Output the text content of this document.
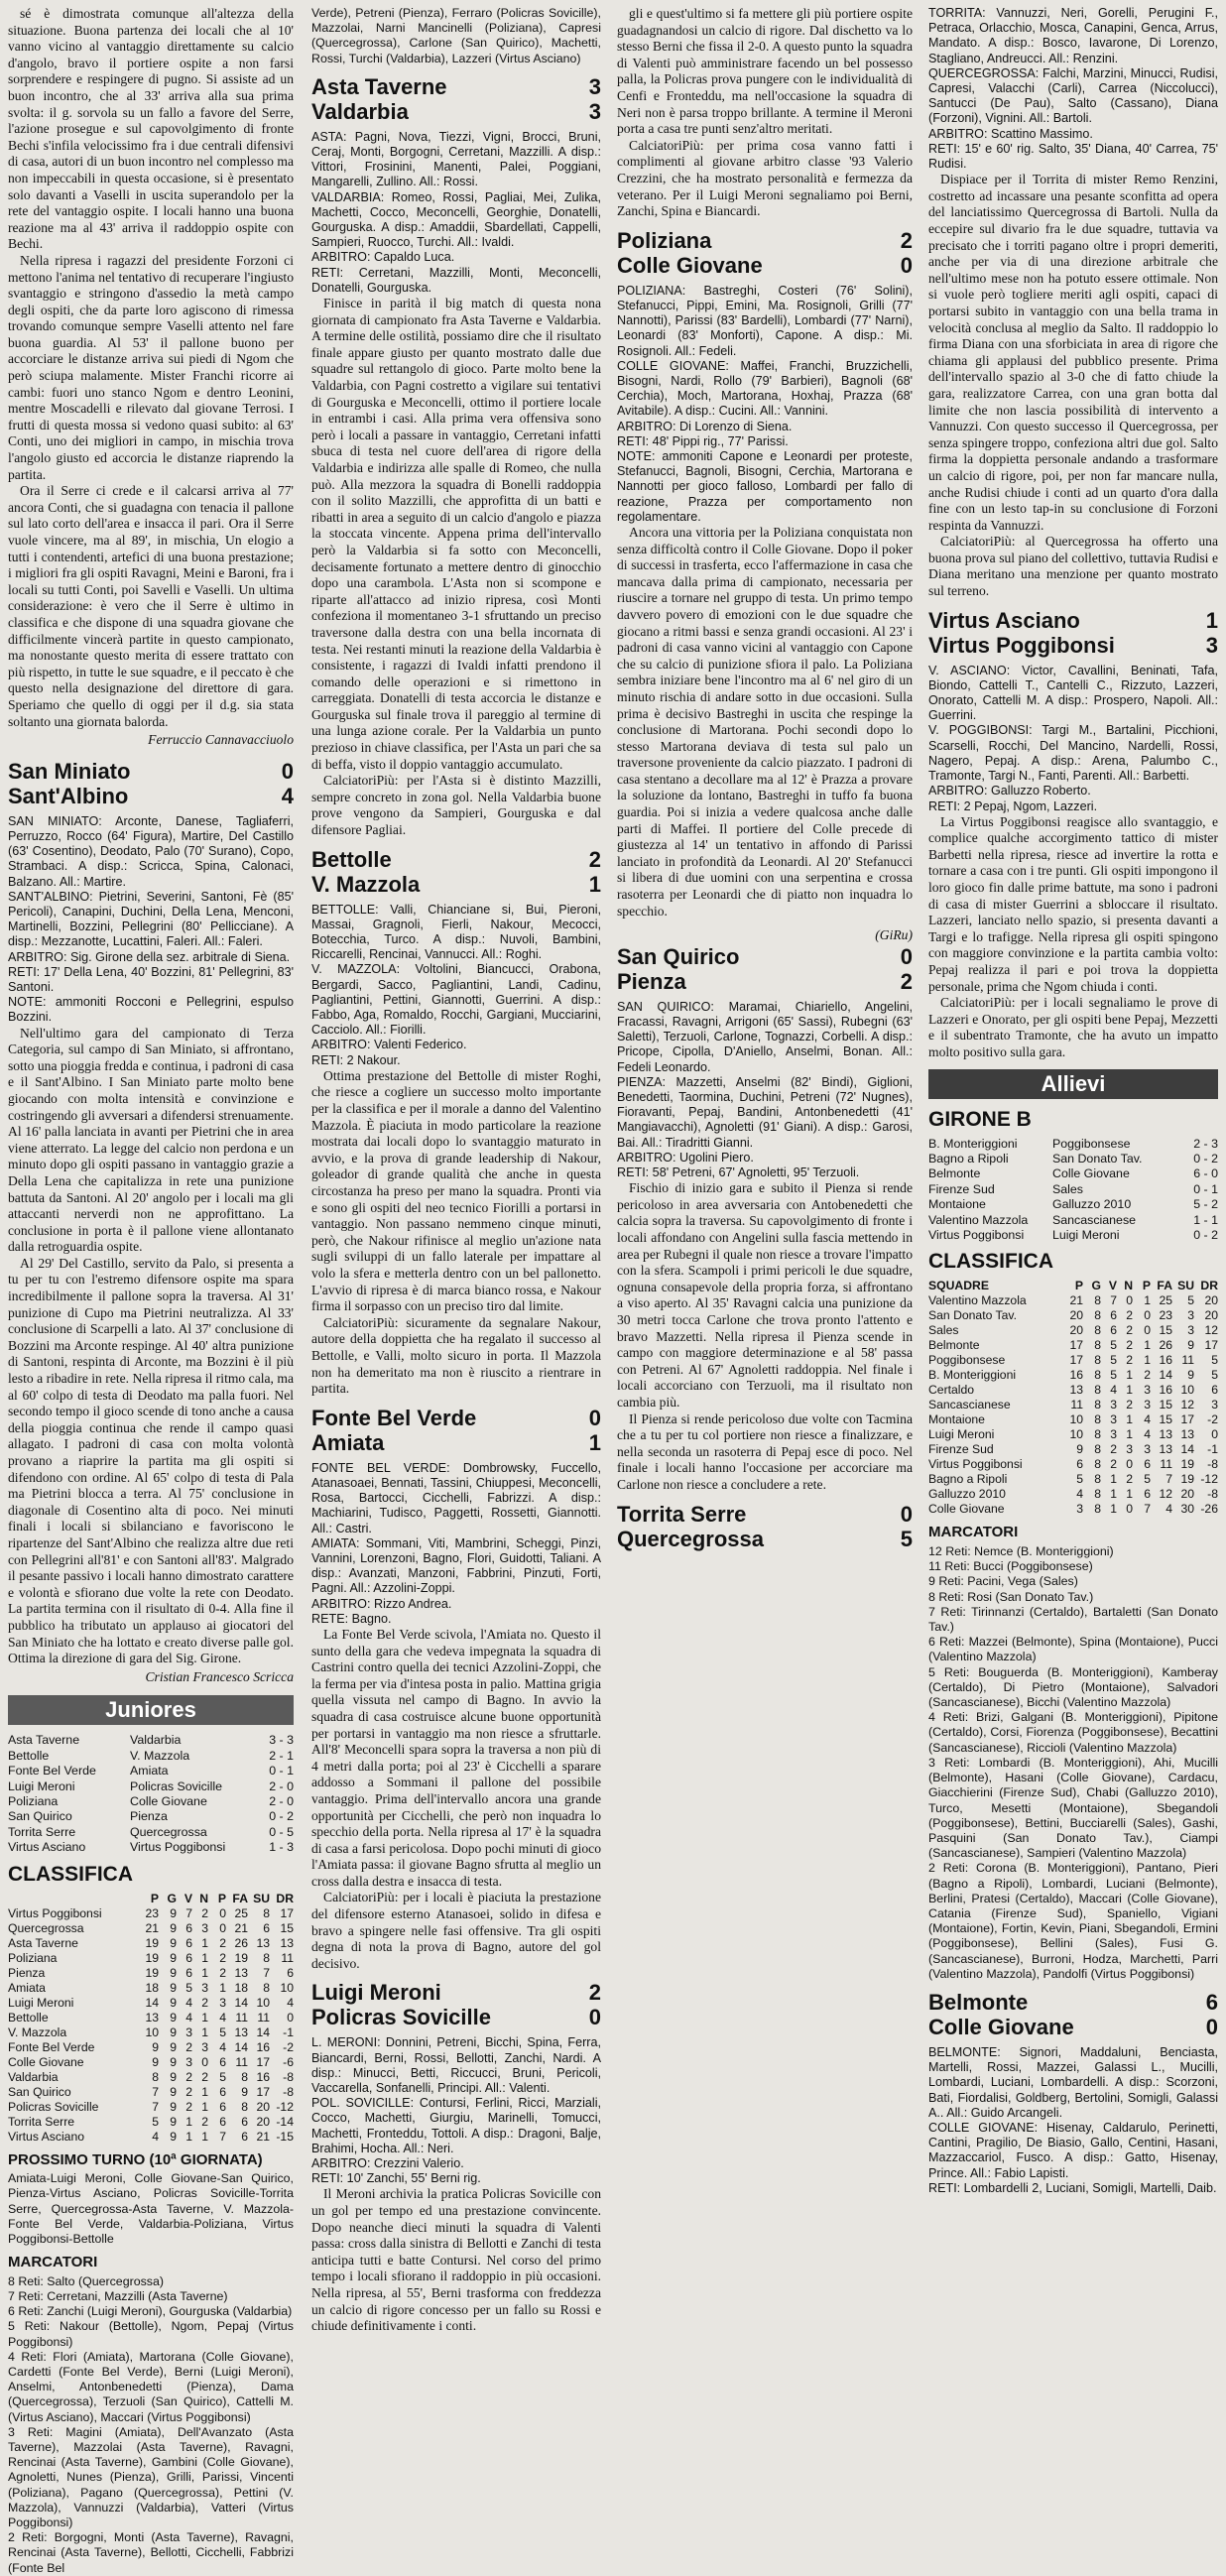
sé è dimostrata comunque all'altezza della situazione. Buona partenza dei locali che al 10' vanno vicino al vantaggio direttamente su calcio d'angolo, bravo il portiere ospite a non farsi sorprendere e respingere di pugno. Si assiste ad un buon incontro, che al 33' arriva alla sua prima svolta: il g. sorvola su un fallo a favore del Serre, l'azione prosegue e sul capovolgimento di fronte Bechi s'infila velocissimo fra i due centrali difensivi di casa, autori di un buon incontro nel complesso ma non impeccabili in questa occasione, si è presentato solo davanti a Vaselli in uscita superandolo per la rete del vantaggio ospite. I locali hanno una buona reazione ma al 43' arriva il raddoppio ospite con Bechi.

Nella ripresa i ragazzi del presidente Forzoni ci mettono l'anima nel tentativo di recuperare l'ingiusto svantaggio e stringono d'assedio la metà campo degli ospiti, che da parte loro agiscono di rimessa trovando comunque sempre Vaselli attento nel fare buona guardia. Al 53' il pallone buono per accorciare le distanze arriva sui piedi di Ngom che però sciupa malamente. Mister Franchi ricorre ai cambi: fuori uno stanco Ngom e dentro Leonini, mentre Moscadelli e rilevato dal giovane Terrosi. I frutti di questa mossa si vedono quasi subito: al 63' Conti, uno dei migliori in campo, in mischia trova l'angolo giusto ed accorcia le distanze riaprendo la partita.

Ora il Serre ci crede e il calcarsi arriva al 77' ancora Conti, che si guadagna con tenacia il pallone sul lato corto dell'area e insacca il pari. Ora il Serre vuole vincere, ma al 89', in mischia, Un elogio a tutti i contendenti, artefici di una buona prestazione; i migliori fra gli ospiti Ravagni, Meini e Baroni, fra i locali su tutti Conti, poi Savelli e Vaselli. Un ultima considerazione: è vero che il Serre è ultimo in classifica e che dispone di una squadra giovane che difficilmente vincerà partite in questo campionato, ma nonostante questo merita di essere trattato con più rispetto, in tutte le sue squadre, e il peccato è che questo nella designazione del direttore di gara. Speriamo che quello di oggi per il d.g. sia stata soltanto una giornata balorda.

Ferruccio Cannavacciuolo
San Miniato	0
Sant'Albino	4
SAN MINIATO: Arconte, Danese, Tagliaferri, Perruzzo, Rocco (64' Figura), Martire, Del Castillo (63' Cosentino), Deodato, Palo (70' Surano), Copo, Strambaci. A disp.: Scricca, Spina, Calonaci, Balzano. All.: Martire.
SANT'ALBINO: Pietrini, Severini, Santoni, Fè (85' Pericoli), Canapini, Duchini, Della Lena, Menconi, Martinelli, Bozzini, Pellegrini (80' Pellicciane). A disp.: Mezzanotte, Lucattini, Faleri. All.: Faleri.
ARBITRO: Sig. Girone della sez. arbitrale di Siena.
RETI: 17' Della Lena, 40' Bozzini, 81' Pellegrini, 83' Santoni.
NOTE: ammoniti Rocconi e Pellegrini, espulso Bozzini.

Nell'ultimo gara del campionato di Terza Categoria, sul campo di San Miniato, si affrontano, sotto una pioggia fredda e continua, i padroni di casa e il Sant'Albino. I San Miniato parte molto bene giocando con molta intensità e convinzione e costringendo gli avversari a difendersi strenuamente. Al 16' palla lanciata in avanti per Pietrini che in area viene atterrato. La legge del calcio non perdona e un minuto dopo gli ospiti passano in vantaggio grazie a Della Lena che capitalizza in rete una punizione battuta da Santoni. Al 20' angolo per i locali ma gli attaccanti nerverdi non ne approfittano. La conclusione in porta è il pallone viene allontanato dalla retroguardia ospite.

Al 29' Del Castillo, servito da Palo, si presenta a tu per tu con l'estremo difensore ospite ma spara incredibilmente il pallone sopra la traversa. Al 31' punizione di Cupo ma Pietrini neutralizza. Al 33' conclusione di Scarpelli a lato. Al 37' conclusione di Bozzini ma Arconte respinge. Al 40' altra punizione di Santoni, respinta di Arconte, ma Bozzini è il più lesto a ribadire in rete. Nella ripresa il ritmo cala, ma al 60' colpo di testa di Deodato ma palla fuori. Nel secondo tempo il gioco scende di tono anche a causa della pioggia continua che rende il campo quasi allagato. I padroni di casa con molta volontà provano a riaprire la partita ma gli ospiti si difendono con ordine. Al 65' colpo di testa di Pala ma Pietrini blocca a terra. Al 75' conclusione in diagonale di Cosentino alta di poco. Nei minuti finali i locali si sbilanciano e favoriscono le ripartenze del Sant'Albino che realizza altre due reti con Pellegrini all'81' e con Santoni all'83'. Malgrado il pesante passivo i locali hanno dimostrato carattere e volontà e sfiorano due volte la rete con Deodato. La partita termina con il risultato di 0-4. Alla fine il pubblico ha tributato un applauso ai giocatori del San Miniato che ha lottato e creato diverse palle gol. Ottima la direzione di gara del Sig. Girone.

Cristian Francesco Scricca
Juniores
Asta Taverne	Valdarbia	3 - 3
Bettolle	V. Mazzola	2 - 1
Fonte Bel Verde	Amiata	0 - 1
Luigi Meroni	Policras Sovicille	2 - 0
Poliziana	Colle Giovane	2 - 0
San Quirico	Pienza	0 - 2
Torrita Serre	Quercegrossa	0 - 5
Virtus Asciano	Virtus Poggibonsi	1 - 3
CLASSIFICA
P G V N P FA SU DR
Virtus Poggibonsi	23 9 7 2 0 25	8 17
Quercegrossa	21 9 6 3 0 21	6 15
Asta Taverne	19 9 6 1 2 26 13 13
Poliziana	19 9 6 1 2 19	8 11
Pienza	19 9 6 1 2 13	7	6
Amiata	18 9 5 3 1 18	8 10
Luigi Meroni	14 9 4 2 3 14 10	4
Bettolle	13 9 4 1 4 11 11	0
V. Mazzola	10 9 3 1 5 13 14	-1
Fonte Bel Verde	9 9 2 3 4 14 16	-2
Colle Giovane	9 9 3 0 6 11 17	-6
Valdarbia	8 9 2 2 5	8 16	-8
San Quirico	7 9 2 1 6	9 17	-8
Policras Sovicille	7 9 2 1 6	8 20 -12
Torrita Serre	5 9 1 2 6	6 20 -14
Virtus Asciano	4 9 1 1 7	6 21 -15
PROSSIMO TURNO (10ª GIORNATA)
Amiata-Luigi Meroni, Colle Giovane-San Quirico, Pienza-Virtus Asciano, Policras Sovicille-Torrita Serre, Quercegrossa-Asta Taverne, V. Mazzola-Fonte Bel Verde, Valdarbia-Poliziana, Virtus Poggibonsi-Bettolle
MARCATORI
8 Reti: Salto (Quercegrossa)
7 Reti: Cerretani, Mazzilli (Asta Taverne)
6 Reti: Zanchi (Luigi Meroni), Gourguska (Valdarbia)
5 Reti: Nakour (Bettolle), Ngom, Pepaj (Virtus Poggibonsi)
4 Reti: Flori (Amiata), Martorana (Colle Giovane), Cardetti (Fonte Bel Verde), Berni (Luigi Meroni), Anselmi, Antonbenedetti (Pienza), Dama (Quercegrossa), Terzuoli (San Quirico), Cattelli M. (Virtus Asciano), Maccari (Virtus Poggibonsi)
3 Reti: Magini (Amiata), Dell'Avanzato (Asta Taverne), Mazzolai (Asta Taverne), Ravagni, Rencinai (Asta Taverne), Gambini (Colle Giovane), Agnoletti, Nunes (Pienza), Grilli, Parissi, Vincenti (Poliziana), Pagano (Quercegrossa), Pettini (V. Mazzola), Vannuzzi (Valdarbia), Vatteri (Virtus Poggibonsi)
2 Reti: Borgogni, Monti (Asta Taverne), Ravagni, Rencinai (Asta Taverne), Bellotti, Cicchelli, Fabbrizi (Fonte Bel
Verde), Petreni (Pienza), Ferraro (Policras Sovicille), Mazzolai, Narni Mancinelli (Poliziana), Capresi (Quercegrossa), Carlone (San Quirico), Machetti, Rossi, Turchi (Valdarbia), Lazzeri (Virtus Asciano)
Asta Taverne	3
Valdarbia	3
ASTA: Pagni, Nova, Tiezzi, Vigni, Brocci, Bruni, Ceraj, Monti, Borgogni, Cerretani, Mazzilli. A disp.: Vittori, Frosinini, Manenti, Palei, Poggiani, Mangarelli, Zullino. All.: Rossi.
VALDARBIA: Romeo, Rossi, Pagliai, Mei, Zulika, Machetti, Cocco, Meconcelli, Georghie, Donatelli, Gourguska. A disp.: Amaddii, Sbardellati, Cappelli, Sampieri, Ruocco, Turchi. All.: Ivaldi.
ARBITRO: Capaldo Luca.
RETI: Cerretani, Mazzilli, Monti, Meconcelli, Donatelli, Gourguska.

Finisce in parità il big match di questa nona giornata di campionato fra Asta Taverne e Valdarbia. A termine delle ostilità, possiamo dire che il risultato finale appare giusto per quanto mostrato dalle due squadre sul rettangolo di gioco. Parte molto bene la Valdarbia, con Pagni costretto a vigilare sui tentativi di Gourguska e Meconcelli, ottimo il portiere locale in entrambi i casi. Alla prima vera offensiva sono però i locali a passare in vantaggio, Cerretani infatti sbuca di testa nel cuore dell'area di rigore della Valdarbia e indirizza alle spalle di Romeo, che nulla può. Alla mezzora la squadra di Bonelli raddoppia con il solito Mazzilli, che approfitta di un batti e ribatti in area a seguito di un calcio d'angolo e piazza la stoccata vincente. Appena prima dell'intervallo però la Valdarbia si fa sotto con Meconcelli, decisamente fortunato a mettere dentro di ginocchio dopo una carambola. L'Asta non si scompone e riparte all'attacco ad inizio ripresa, così Monti confeziona il momentaneo 3-1 sfruttando un preciso traversone dalla destra con una bella incornata di testa. Nei restanti minuti la reazione della Valdarbia è consistente, i ragazzi di Ivaldi infatti prendono il comando delle operazioni e si rimettono in carreggiata. Donatelli di testa accorcia le distanze e Gourguska sul finale trova il pareggio al termine di una lunga azione corale. Per la Valdarbia un punto prezioso in chiave classifica, per l'Asta un pari che sa di beffa, visto il doppio vantaggio accumulato.

CalciatoriPiù: per l'Asta si è distinto Mazzilli, sempre concreto in zona gol. Nella Valdarbia buone prove vengono da Sampieri, Gourguska e dal difensore Pagliai.

Bettolle	2
V. Mazzola	1
BETTOLLE: Valli, Chianciane si, Bui, Pieroni, Massai, Gragnoli, Fierli, Nakour, Mecocci, Botecchia, Turco. A disp.: Nuvoli, Bambini, Riccarelli, Rencinai, Vannucci. All.: Roghi.
V. MAZZOLA: Voltolini, Biancucci, Orabona, Bergardi, Sacco, Pagliantini, Landi, Cadinu, Pagliantini, Pettini, Giannotti, Guerrini. A disp.: Fabbo, Aga, Romaldo, Rocchi, Gargiani, Mucciarini, Cacciolo. All.: Fiorilli.
ARBITRO: Valenti Federico.
RETI: 2 Nakour.

Ottima prestazione del Bettolle di mister Roghi, che riesce a cogliere un successo molto importante per la classifica e per il morale a danno del Valentino Mazzola. È piaciuta in modo particolare la reazione mostrata dai locali dopo lo svantaggio maturato in avvio, e la prova di grande leadership di Nakour, goleador di grande qualità che anche in questa circostanza ha preso per mano la squadra. Pronti via e sono gli ospiti del neo tecnico Fiorilli a portarsi in vantaggio. Non passano nemmeno cinque minuti, però, che Nakour rifinisce al meglio un'azione nata sugli sviluppi di un fallo laterale per impattare al volo la sfera e metterla dentro con un bel pallonetto. L'avvio di ripresa è di marca bianco rossa, e Nakour firma il sorpasso con un preciso tiro dal limite.

CalciatoriPiù: sicuramente da segnalare Nakour, autore della doppietta che ha regalato il successo al Bettolle, e Valli, molto sicuro in porta. Il Mazzola non ha demeritato ma non è riuscito a rientrare in partita.

Fonte Bel Verde	0
Amiata	1
FONTE BEL VERDE: Dombrowsky, Fuccello, Atanasoaei, Bennati, Tassini, Chiuppesi, Meconcelli, Rosa, Bartocci, Cicchelli, Fabrizzi. A disp.: Machiarini, Tudisco, Paggetti, Rossetti, Giannotti. All.: Castri.
AMIATA: Sommani, Viti, Mambrini, Scheggi, Pinzi, Vannini, Lorenzoni, Bagno, Flori, Guidotti, Taliani. A disp.: Avanzati, Manzoni, Fabbrini, Pinzuti, Forti, Pagni. All.: Azzolini-Zoppi.
ARBITRO: Rizzo Andrea.
RETE: Bagno.

La Fonte Bel Verde scivola, l'Amiata no. Questo il sunto della gara che vedeva impegnata la squadra di Castrini contro quella dei tecnici Azzolini-Zoppi, che la ferma per via d'intesa posta in palio. Mattina grigia quella vissuta nel campo di Bagno. In avvio la squadra di casa costruisce alcune buone opportunità per portarsi in vantaggio ma non riesce a sfruttarle. All'8' Meconcelli spara sopra la traversa a non più di 4 metri dalla porta; poi al 23' è Cicchelli a sparare addosso a Sommani il pallone del possibile vantaggio. Prima dell'intervallo ancora una grande opportunità per Cicchelli, che però non inquadra lo specchio della porta. Nella ripresa al 17' è la squadra di casa a farsi pericolosa. Dopo pochi minuti di gioco l'Amiata passa: il giovane Bagno sfrutta al meglio un cross dalla destra e insacca di testa.

CalciatoriPiù: per i locali è piaciuta la prestazione del difensore esterno Atanasoei, solido in difesa e bravo a spingere nelle fasi offensive. Tra gli ospiti degna di nota la prova di Bagno, autore del gol decisivo.

Luigi Meroni	2
Policras Sovicille	0
L. MERONI: Donnini, Petreni, Bicchi, Spina, Ferra, Biancardi, Berni, Rossi, Bellotti, Zanchi, Nardi. A disp.: Minucci, Betti, Riccucci, Bruni, Pericoli, Vaccarella, Sonfanelli, Principi. All.: Valenti.
POL. SOVICILLE: Contursi, Ferlini, Ricci, Marziali, Cocco, Machetti, Giurgiu, Marinelli, Tomucci, Machetti, Fronteddu, Tottoli. A disp.: Dragoni, Balje, Brahimi, Hocha. All.: Neri.
ARBITRO: Crezzini Valerio.
RETI: 10' Zanchi, 55' Berni rig.

Il Meroni archivia la pratica Policras Sovicille con un gol per tempo ed una prestazione convincente. Dopo neanche dieci minuti la squadra di Valenti passa: cross dalla sinistra di Bellotti e Zanchi di testa anticipa tutti e batte Contursi. Nel corso del primo tempo i locali sfiorano il raddoppio in più occasioni. Nella ripresa, al 55', Berni trasforma con freddezza un calcio di rigore concesso per un fallo su Rossi e chiude definitivamente i conti.

gli e quest'ultimo si fa mettere gli più portiere ospite guadagnandosi un calcio di rigore. Dal dischetto va lo stesso Berni che fissa il 2-0. A questo punto la squadra di Valenti può amministrare facendo un bel possesso palla, la Policras prova pungere con le individualità di Cenfi e Fronteddu, ma nell'occasione la squadra di Neri non è parsa troppo brillante. A termine il Meroni porta a casa tre punti senz'altro meritati.

CalciatoriPiù: per prima cosa vanno fatti i complimenti al giovane arbitro classe '93 Valerio Crezzini, che ha mostrato personalità e fermezza da veterano. Per il Luigi Meroni segnaliamo poi Berni, Zanchi, Spina e Biancardi.

Poliziana	2
Colle Giovane	0
POLIZIANA: Bastreghi, Costeri (76' Solini), Stefanucci, Pippi, Emini, Ma. Rosignoli, Grilli (77' Nannotti), Parissi (83' Bardelli), Lombardi (77' Narni), Leonardi (83' Monforti), Capone. A disp.: Mi. Rosignoli. All.: Fedeli.
COLLE GIOVANE: Maffei, Franchi, Bruzzichelli, Bisogni, Nardi, Rollo (79' Barbieri), Bagnoli (68' Cerchia), Moch, Martorana, Hoxhaj, Prazza (68' Avitabile). A disp.: Cucini. All.: Vannini.
ARBITRO: Di Lorenzo di Siena.
RETI: 48' Pippi rig., 77' Parissi.
NOTE: ammoniti Capone e Leonardi per proteste, Stefanucci, Bagnoli, Bisogni, Cerchia, Martorana e Nannotti per gioco falloso, Lombardi per fallo di reazione, Prazza per comportamento non regolamentare.

Ancora una vittoria per la Poliziana conquistata non senza difficoltà contro il Colle Giovane. Dopo il poker di successi in trasferta, ecco l'affermazione in casa che mancava dalla prima di campionato, necessaria per riuscire a tornare nel gruppo di testa. Un primo tempo davvero povero di emozioni con le due squadre che giocano a ritmi bassi e senza grandi occasioni. Al 23' i padroni di casa vanno vicini al vantaggio con Capone che su calcio di punizione sfiora il palo. La Poliziana sembra iniziare bene l'incontro ma al 6' nel giro di un minuto rischia di andare sotto in due occasioni. Sulla prima è decisivo Bastreghi in uscita che respinge la conclusione di Martorana. Pochi secondi dopo lo stesso Martorana deviava di testa sul palo un traversone proveniente da calcio piazzato. I padroni di casa stentano a decollare ma al 12' è Prazza a provare la soluzione da lontano, Bastreghi in tuffo fa buona guardia. Poi si inizia a vedere qualcosa anche dalle parti di Maffei. Il portiere del Colle precede di giustezza al 14' un tentativo in affondo di Parissi lanciato in profondità da Leonardi. Al 20' Stefanucci si libera di due uomini con una serpentina e crossa rasoterra per Leonardi che di piatto non inquadra lo specchio.

(GiRu)
San Quirico	0
Pienza	2
SAN QUIRICO: Maramai, Chiariello, Angelini, Fracassi, Ravagni, Arrigoni (65' Sassi), Rubegni (63' Saletti), Terzuoli, Carlone, Tognazzi, Corbelli. A disp.: Pricope, Cipolla, D'Aniello, Anselmi, Bonan. All.: Fedeli Leonardo.
PIENZA: Mazzetti, Anselmi (82' Bindi), Giglioni, Benedetti, Taormina, Duchini, Petreni (72' Nugnes), Fioravanti, Pepaj, Bandini, Antonbenedetti (41' Mangiavacchi), Agnoletti (91' Giani). A disp.: Garosi, Bai. All.: Tiradritti Gianni.
ARBITRO: Ugolini Piero.
RETI: 58' Petreni, 67' Agnoletti, 95' Terzuoli.

Fischio di inizio gara e subito il Pienza si rende pericoloso in area avversaria con Antobenedetti che calcia sopra la traversa. Su capovolgimento di fronte i locali affondano con Angelini sulla fascia mettendo in area per Rubegni il quale non riesce a trovare l'impatto con la sfera. Scampoli i primi pericoli le due squadre, ognuna consapevole della propria forza, si affrontano a viso aperto. Al 35' Ravagni calcia una punizione da 30 metri tocca Carlone che trova pronto l'attento e bravo Mazzetti. Nella ripresa il Pienza scende in campo con maggiore determinazione e al 58' passa con Petreni. Al 67' Agnoletti raddoppia. Nel finale i locali accorciano con Terzuoli, ma il risultato non cambia più.

Il Pienza si rende pericoloso due volte con Tacmina che a tu per tu col portiere non riesce a finalizzare, e nella seconda un rasoterra di Pepaj esce di poco. Nel finale i locali hanno l'occasione per accorciare ma Carlone non riesce a concludere a rete.

Torrita Serre	0
Quercegrossa	5
TORRITA: Vannuzzi, Neri, Gorelli, Perugini F., Petraca, Orlacchio, Mosca, Canapini, Genca, Arrus, Mandato. A disp.: Bosco, Iavarone, Di Lorenzo, Stagliano, Andreucci. All.: Renzini.
QUERCEGROSSA: Falchi, Marzini, Minucci, Rudisi, Capresi, Valacchi (Carli), Carrea (Niccolucci), Santucci (De Pau), Salto (Cassano), Diana (Forzoni), Vignini. All.: Bartoli.
ARBITRO: Scattino Massimo.
RETI: 15' e 60' rig. Salto, 35' Diana, 40' Carrea, 75' Rudisi.

Dispiace per il Torrita di mister Remo Renzini, costretto ad incassare una pesante sconfitta ad opera del lanciatissimo Quercegrossa di Bartoli. Nulla da eccepire sul divario fra le due squadre, tuttavia va precisato che i torriti pagano oltre i propri demeriti, anche per via di una direzione arbitrale che nell'ultimo mese non ha potuto essere ottimale. Non si vuole però togliere meriti agli ospiti, capaci di portarsi subito in vantaggio con una bella trama in velocità conclusa al meglio da Salto. Il raddoppio lo firma Diana con una sforbiciata in area di rigore che chiama gli applausi del pubblico presente. Prima dell'intervallo spazio al 3-0 che di fatto chiude la gara, realizzatore Carrea, con una gran botta dal limite che non lascia possibilità di intervento a Vannuzzi. Con questo successo il Quercegrossa, per senza spingere troppo, confeziona altri due gol. Salto firma la doppietta personale andando a trasformare un calcio di rigore, poi, per non far mancare nulla, anche Rudisi chiude i conti ad un quarto d'ora dalla fine con un lesto tap-in su conclusione di Forzoni respinta da Vannuzzi.

CalciatoriPiù: al Quercegrossa ha offerto una buona prova sul piano del collettivo, tuttavia Rudisi e Diana meritano una menzione per quanto mostrato sul terreno.

Virtus Asciano	1
Virtus Poggibonsi	3
V. ASCIANO: Victor, Cavallini, Beninati, Tafa, Biondo, Cattelli T., Cantelli C., Rizzuto, Lazzeri, Onorato, Cattelli M. A disp.: Prospero, Napoli. All.: Guerrini.
V. POGGIBONSI: Targi M., Bartalini, Picchioni, Scarselli, Rocchi, Del Mancino, Nardelli, Rossi, Nagero, Pepaj. A disp.: Arena, Palumbo C., Tramonte, Targi N., Fanti, Parenti. All.: Barbetti.
ARBITRO: Galluzzo Roberto.
RETI: 2 Pepaj, Ngom, Lazzeri.

La Virtus Poggibonsi reagisce allo svantaggio, e complice qualche accorgimento tattico di mister Barbetti nella ripresa, riesce ad invertire la rotta e tornare a casa con i tre punti. Gli ospiti impongono il loro gioco fin dalle prime battute, ma sono i padroni di casa di mister Guerrini a sbloccare il risultato. Lazzeri, lanciato nello spazio, si presenta davanti a Targi e lo trafigge. Nella ripresa gli ospiti spingono con maggiore convinzione e la partita cambia volto: Pepaj realizza il pari e poi trova la doppietta personale, prima che Ngom chiuda i conti.

CalciatoriPiù: per i locali segnaliamo le prove di Lazzeri e Onorato, per gli ospiti bene Pepaj, Mezzetti e il subentrato Tramonte, che ha avuto un impatto molto positivo sulla gara.

Allievi
GIRONE B
B. Monteriggioni	Poggibonsese	2 - 3
Bagno a Ripoli	San Donato Tav.	0 - 2
Belmonte	Colle Giovane	6 - 0
Firenze Sud	Sales	0 - 1
Montaione	Galluzzo 2010	5 - 2
Valentino Mazzola	Sancascianese	1 - 1
Virtus Poggibonsi	Luigi Meroni	0 - 2
CLASSIFICA
SQUADRE	P G V N P FA SU DR
Valentino Mazzola	21 8 7 0 1 25	5 20
San Donato Tav.	20 8 6 2 0 23	3 20
Sales	20 8 6 2 0 15	3 12
Belmonte	17 8 5 2 1 26	9 17
Poggibonsese	17 8 5 2 1 16 11	5
B. Monteriggioni	16 8 5 1 2 14	9	5
Certaldo	13 8 4 1 3 16 10	6
Sancascianese	11 8 3 2 3 15 12	3
Montaione	10 8 3 1 4 15 17	-2
Luigi Meroni	10 8 3 1 4 13 13	0
Firenze Sud	9 8 2 3 3 13 14	-1
Virtus Poggibonsi	6 8 2 0 6 11 19	-8
Bagno a Ripoli	5 8 1 2 5	7 19 -12
Galluzzo 2010	4 8 1 1 6 12 20	-8
Colle Giovane	3 8 1 0 7	4 30 -26
MARCATORI
12 Reti: Nemce (B. Monteriggioni)
11 Reti: Bucci (Poggibonsese)
9 Reti: Pacini, Vega (Sales)
8 Reti: Rosi (San Donato Tav.)
7 Reti: Tirinnanzi (Certaldo), Bartaletti (San Donato Tav.)
6 Reti: Mazzei (Belmonte), Spina (Montaione), Pucci (Valentino Mazzola)
5 Reti: Bouguerda (B. Monteriggioni), Kamberay (Certaldo), Di Pietro (Montaione), Salvadori (Sancascianese), Bicchi (Valentino Mazzola)
4 Reti: Brizi, Galgani (B. Monteriggioni), Pipitone (Certaldo), Corsi, Fiorenza (Poggibonsese), Becattini (Sancascianese), Riccioli (Valentino Mazzola)
3 Reti: Lombardi (B. Monteriggioni), Ahi, Mucilli (Belmonte), Hasani (Colle Giovane), Cardacu, Giacchierini (Firenze Sud), Chabi (Galluzzo 2010), Turco, Mesetti (Montaione), Sbegandoli (Poggibonsese), Bettini, Bucciarelli (Sales), Gashi, Pasquini (San Donato Tav.), Ciampi (Sancascianese), Sampieri (Valentino Mazzola)
2 Reti: Corona (B. Monteriggioni), Pantano, Pieri (Bagno a Ripoli), Lombardi, Luciani (Belmonte), Berlini, Pratesi (Certaldo), Maccari (Colle Giovane), Catania (Firenze Sud), Spaniello, Vigiani (Montaione), Fortin, Kevin, Piani, Sbegandoli, Ermini (Poggibonsese), Bellini (Sales), Fusi G. (Sancascianese), Burroni, Hodza, Marchetti, Parri (Valentino Mazzola), Pandolfi (Virtus Poggibonsi)
Belmonte	6
Colle Giovane	0
BELMONTE: Signori, Maddaluni, Benciasta, Martelli, Rossi, Mazzei, Galassi L., Mucilli, Lombardi, Luciani, Lombardelli. A disp.: Scorzoni, Bati, Fiordalisi, Goldberg, Bertolini, Somigli, Galassi A.. All.: Guido Arcangeli.
COLLE GIOVANE: Hisenay, Caldarulo, Perinetti, Cantini, Pragilio, De Biasio, Gallo, Centini, Hasani, Mazzaccariol, Fusco. A disp.: Gatto, Hisenay, Prince. All.: Fabio Lapisti.
RETI: Lombardelli 2, Luciani, Somigli, Martelli, Daib.
